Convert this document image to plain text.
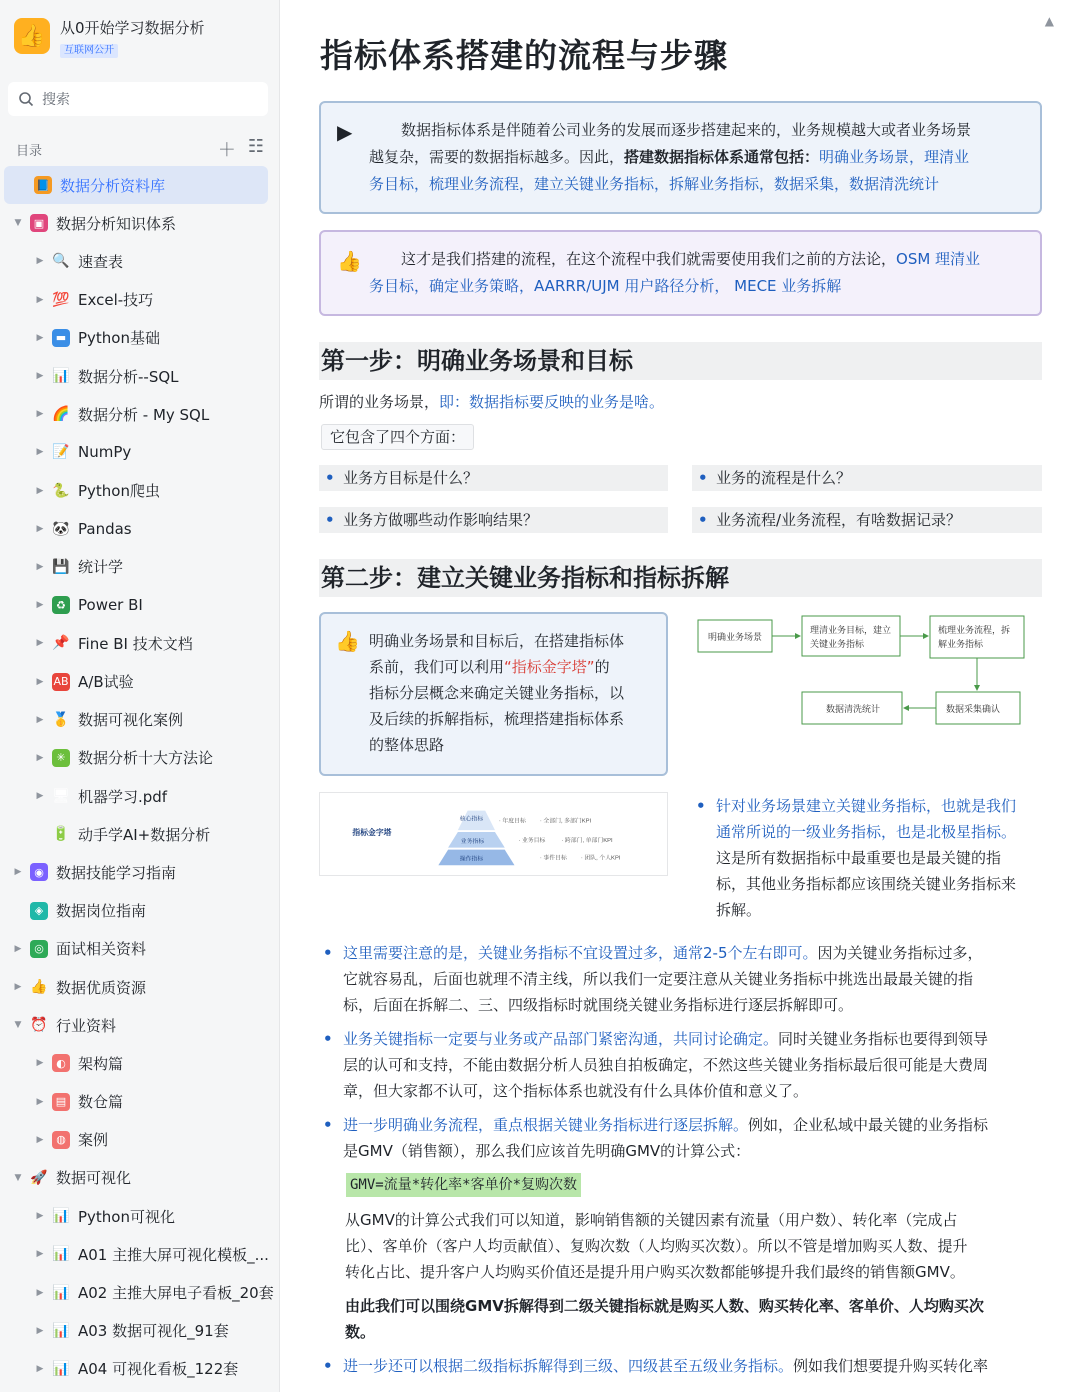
👍 从0开始学习数据分析
互联网公开
搜索
目录	＋ ☷
📘 数据分析资料库
▼	▣ 数据分析知识体系
▶ 🔍 速查表
▶ 💯 Excel-技巧
▶	▬ Python基础
▶ 📊 数据分析--SQL
▶ 🌈 数据分析 - My SQL
▶ 📝 NumPy
▶ 🐍 Python爬虫
▶ 🐼 Pandas
▶ 💾 统计学
▶	♻ Power BI
▶ 📌 Fine BI 技术文档
▶ AB A/B试验
▶ 🥇 数据可视化案例
▶	✳ 数据分析十大方法论
▶ 🖥 机器学习.pdf
🔋 动手学AI+数据分析
▶	◉ 数据技能学习指南
◈ 数据岗位指南
▶	◎ 面试相关资料
▶ 👍 数据优质资源
▼ ⏰ 行业资料
▶	◐ 架构篇
▶	▤ 数仓篇
▶	◍ 案例
▼ 🚀 数据可视化
▶ 📊 Python可视化
▶ 📊 A01 主推大屏可视化模板_...
▶ 📊 A02 主推大屏电子看板_20套
▶ 📊 A03 数据可视化_91套
▶ 📊 A04 可视化看板_122套
▲
指标体系搭建的流程与步骤
▶	数据指标体系是伴随着公司业务的发展而逐步搭建起来的，业务规模越大或者业务场景
越复杂，需要的数据指标越多。因此，搭建数据指标体系通常包括：明确业务场景，理清业
务目标，梳理业务流程，建立关键业务指标，拆解业务指标，数据采集，数据清洗统计
👍	这才是我们搭建的流程，在这个流程中我们就需要使用我们之前的方法论，OSM 理清业
务目标，确定业务策略，AARRR/UJM 用户路径分析， MECE 业务拆解
第一步：明确业务场景和目标
所谓的业务场景，即：数据指标要反映的业务是啥。
它包含了四个方面：
• 业务方目标是什么？	• 业务的流程是什么？
• 业务方做哪些动作影响结果？	• 业务流程/业务流程，有啥数据记录？
第二步：建立关键业务指标和指标拆解
👍 明确业务场景和目标后，在搭建指标体
系前，我们可以利用“指标金字塔”的
指标分层概念来确定关键业务指标，以
及后续的拆解指标，梳理搭建指标体系
的整体思路
明确业务场景
理清业务目标，建立
关键业务指标
梳理业务流程，拆
解业务指标
数据清洗统计	数据采集确认
指标金字塔
核心指标
业务指标
操作指标
· 年度目标 · 全部门, 多部门KPI
· 业务目标	· 跨部门, 单部门KPI
· 事件目标 · 团队, 个人KPI
• 针对业务场景建立关键业务指标，也就是我们
通常所说的一级业务指标，也是北极星指标。
这是所有数据指标中最重要也是最关键的指
标，其他业务指标都应该围绕关键业务指标来
拆解。
• 这里需要注意的是，关键业务指标不宜设置过多，通常2-5个左右即可。因为关键业务指标过多，
它就容易乱，后面也就理不清主线，所以我们一定要注意从关键业务指标中挑选出最最关键的指
标，后面在拆解二、三、四级指标时就围绕关键业务指标进行逐层拆解即可。
• 业务关键指标一定要与业务或产品部门紧密沟通，共同讨论确定。同时关键业务指标也要得到领导
层的认可和支持，不能由数据分析人员独自拍板确定，不然这些关键业务指标最后很可能是大费周
章，但大家都不认可，这个指标体系也就没有什么具体价值和意义了。
• 进一步明确业务流程，重点根据关键业务指标进行逐层拆解。例如，企业私域中最关键的业务指标
是GMV（销售额），那么我们应该首先明确GMV的计算公式：
GMV=流量*转化率*客单价*复购次数
从GMV的计算公式我们可以知道，影响销售额的关键因素有流量（用户数）、转化率（完成占
比）、客单价（客户人均贡献值）、复购次数（人均购买次数）。所以不管是增加购买人数、提升
转化占比、提升客户人均购买价值还是提升用户购买次数都能够提升我们最终的销售额GMV。
由此我们可以围绕GMV拆解得到二级关键指标就是购买人数、购买转化率、客单价、人均购买次
数。
• 进一步还可以根据二级指标拆解得到三级、四级甚至五级业务指标。例如我们想要提升购买转化率
